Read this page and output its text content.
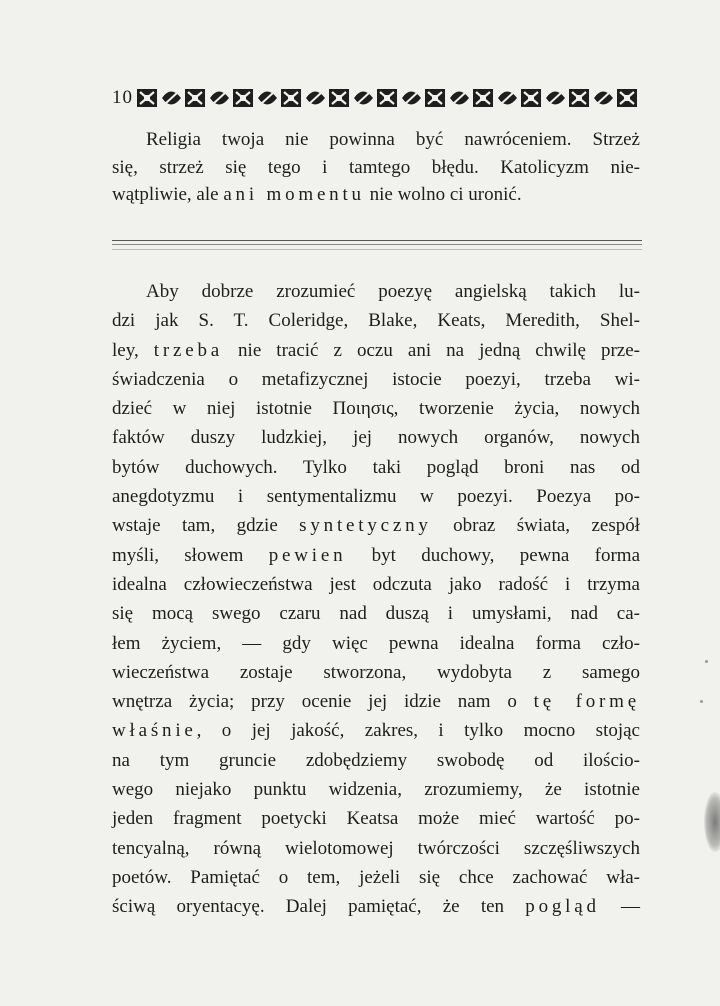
10
Religia twoja nie powinna być nawróceniem. Strzeż
się, strzeż się tego i tamtego błędu. Katolicyzm nie-
wątpliwie, ale ani momentu nie wolno ci uronić.
Aby dobrze zrozumieć poezyę angielską takich lu-
dzi jak S. T. Coleridge, Blake, Keats, Meredith, Shel-
ley, trzeba nie tracić z oczu ani na jedną chwilę prze-
świadczenia o metafizycznej istocie poezyi, trzeba wi-
dzieć w niej istotnie Ποιησις, tworzenie życia, nowych
faktów duszy ludzkiej, jej nowych organów, nowych
bytów duchowych. Tylko taki pogląd broni nas od
anegdotyzmu i sentymentalizmu w poezyi. Poezya po-
wstaje tam, gdzie syntetyczny obraz świata, zespół
myśli, słowem pewien byt duchowy, pewna forma
idealna człowieczeństwa jest odczuta jako radość i trzyma
się mocą swego czaru nad duszą i umysłami, nad ca-
łem życiem, — gdy więc pewna idealna forma czło-
wieczeństwa zostaje stworzona, wydobyta z samego
wnętrza życia; przy ocenie jej idzie nam o tę formę
właśnie, o jej jakość, zakres, i tylko mocno stojąc
na tym gruncie zdobędziemy swobodę od ilościo-
wego niejako punktu widzenia, zrozumiemy, że istotnie
jeden fragment poetycki Keatsa może mieć wartość po-
tencyalną, równą wielotomowej twórczości szczęśliwszych
poetów. Pamiętać o tem, jeżeli się chce zachować wła-
ściwą oryentacyę. Dalej pamiętać, że ten pogląd —
